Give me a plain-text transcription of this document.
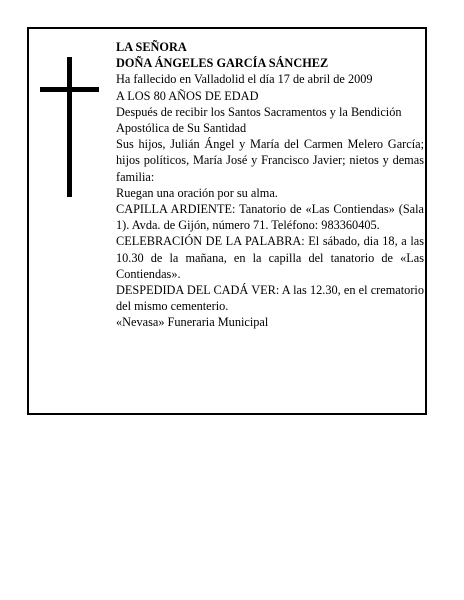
LA SEÑORA

DOÑA ÁNGELES GARCÍA SÁNCHEZ

Ha fallecido en Valladolid el día 17 de abril de 2009

A LOS 80 AÑOS DE EDAD

Después de recibir los Santos Sacramentos y la Bendición Apostólica de Su Santidad

Sus hijos, Julián Ángel y María del Carmen Melero García; hijos políticos, María José y Francisco Javier; nietos y demas familia:

Ruegan una oración por su alma.

CAPILLA ARDIENTE: Tanatorio de «Las Contiendas» (Sala 1). Avda. de Gijón, número 71. Teléfono: 983360405.

CELEBRACIÓN DE LA PALABRA: El sábado, dia 18, a las 10.30 de la mañana, en la capilla del tanatorio de «Las Contiendas».

DESPEDIDA DEL CADÁ VER: A las 12.30, en el crematorio del mismo cementerio.

«Nevasa» Funeraria Municipal
